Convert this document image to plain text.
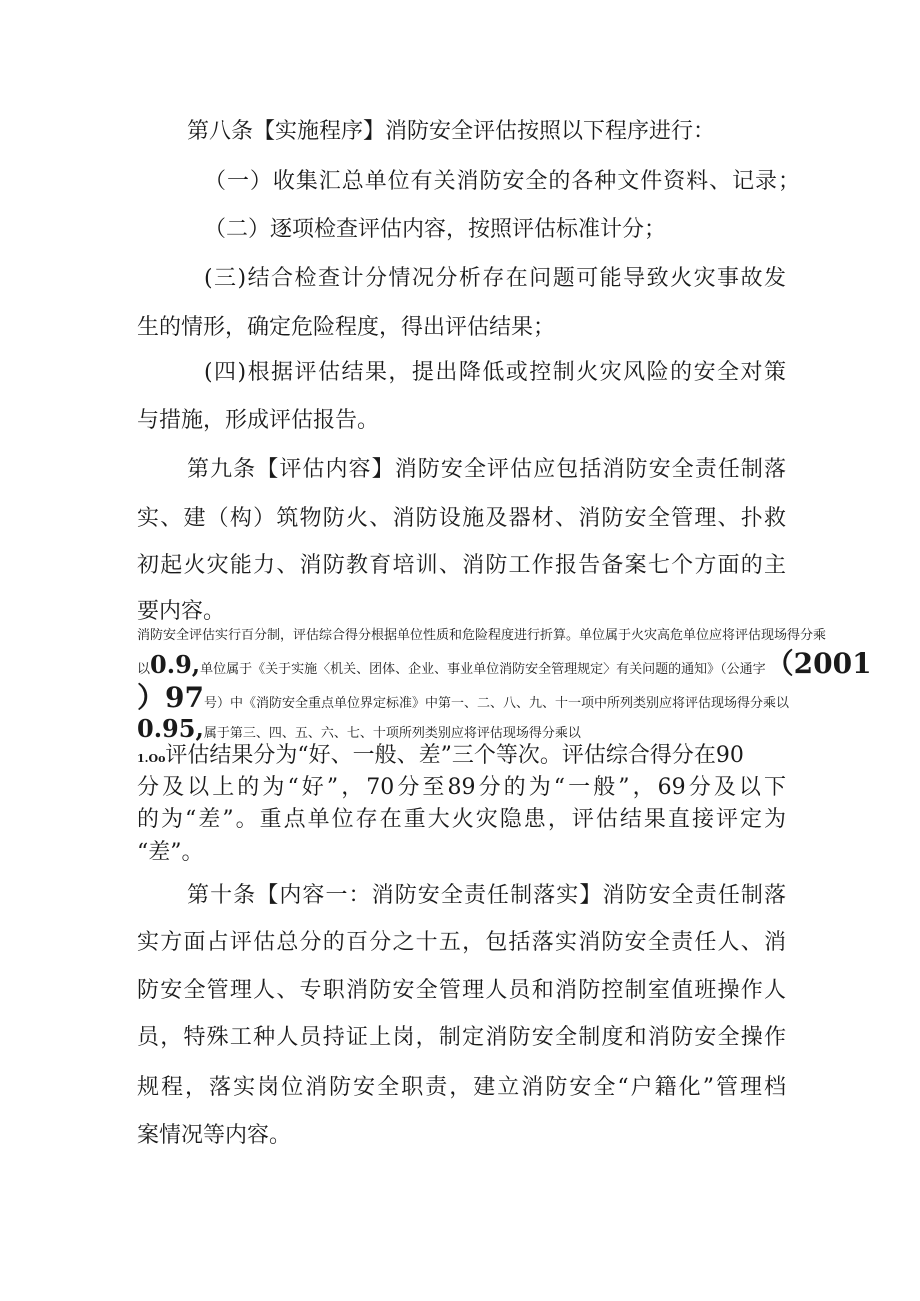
第八条【实施程序】消防安全评估按照以下程序进行：
（一）收集汇总单位有关消防安全的各种文件资料、记录；
（二）逐项检查评估内容，按照评估标准计分；
(三)结合检查计分情况分析存在问题可能导致火灾事故发
生的情形，确定危险程度，得出评估结果；
(四)根据评估结果，提出降低或控制火灾风险的安全对策
与措施，形成评估报告。
第九条【评估内容】消防安全评估应包括消防安全责任制落
实、建（构）筑物防火、消防设施及器材、消防安全管理、扑救
初起火灾能力、消防教育培训、消防工作报告备案七个方面的主
要内容。
消防安全评估实行百分制，评估综合得分根据单位性质和危险程度进行折算。单位属于火灾高危单位应将评估现场得分乘
以0.9,单位属于《关于实施〈机关、团体、企业、事业单位消防安全管理规定〉有关问题的通知》（公通字（2001
）97号）中《消防安全重点单位界定标准》中第一、二、八、九、十一项中所列类别应将评估现场得分乘以
0.95,属于第三、四、五、六、七、十项所列类别应将评估现场得分乘以
1.Oo评估结果分为“好、一般、差”三个等次。评估综合得分在90
分及以上的为“好”，70分至89分的为“一般”，69分及以下
的为“差”。重点单位存在重大火灾隐患，评估结果直接评定为
“差”。
第十条【内容一：消防安全责任制落实】消防安全责任制落
实方面占评估总分的百分之十五，包括落实消防安全责任人、消
防安全管理人、专职消防安全管理人员和消防控制室值班操作人
员，特殊工种人员持证上岗，制定消防安全制度和消防安全操作
规程，落实岗位消防安全职责，建立消防安全“户籍化”管理档
案情况等内容。
